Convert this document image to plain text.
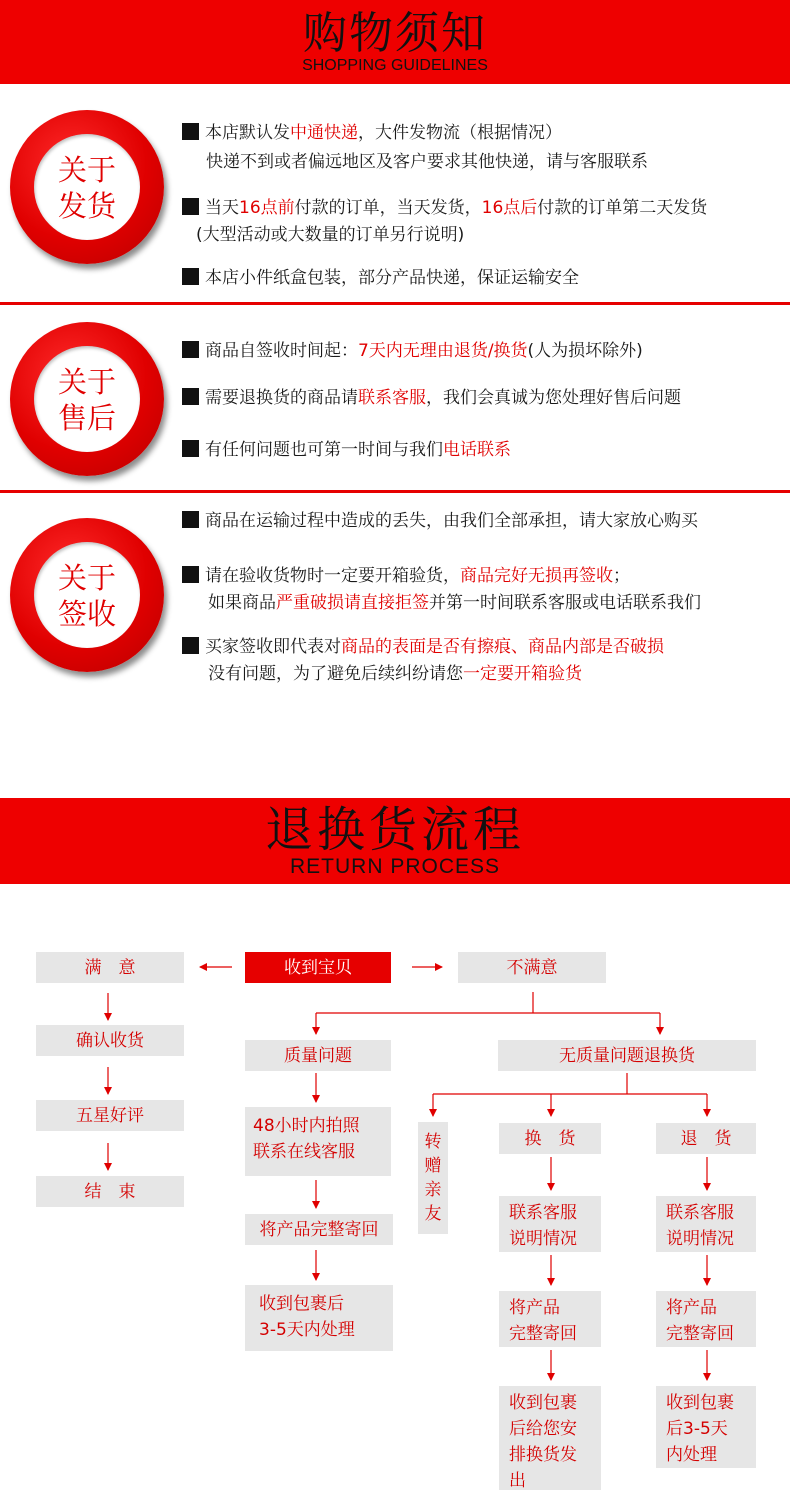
购物须知
SHOPPING GUIDELINES
关于
发货
本店默认发中通快递，大件发物流（根据情况）
快递不到或者偏远地区及客户要求其他快递，请与客服联系
当天16点前付款的订单，当天发货，16点后付款的订单第二天发货
(大型活动或大数量的订单另行说明)
本店小件纸盒包装，部分产品快递，保证运输安全
关于
售后
商品自签收时间起：7天内无理由退货/换货(人为损坏除外)
需要退换货的商品请联系客服，我们会真诚为您处理好售后问题
有任何问题也可第一时间与我们电话联系
关于
签收
商品在运输过程中造成的丢失，由我们全部承担，请大家放心购买
请在验收货物时一定要开箱验货，商品完好无损再签收；
如果商品严重破损请直接拒签并第一时间联系客服或电话联系我们
买家签收即代表对商品的表面是否有擦痕、商品内部是否破损
没有问题，为了避免后续纠纷请您一定要开箱验货
退换货流程
RETURN PROCESS
收到宝贝
满　意	不满意
确认收货
五星好评
结　束
质量问题
48小时内拍照
联系在线客服
将产品完整寄回
收到包裹后
3-5天内处理
无质量问题退换货
转赠亲友
换　货
联系客服
说明情况
将产品
完整寄回
收到包裹
后给您安
排换货发
出
退　货
联系客服
说明情况
将产品
完整寄回
收到包裹
后3-5天
内处理
